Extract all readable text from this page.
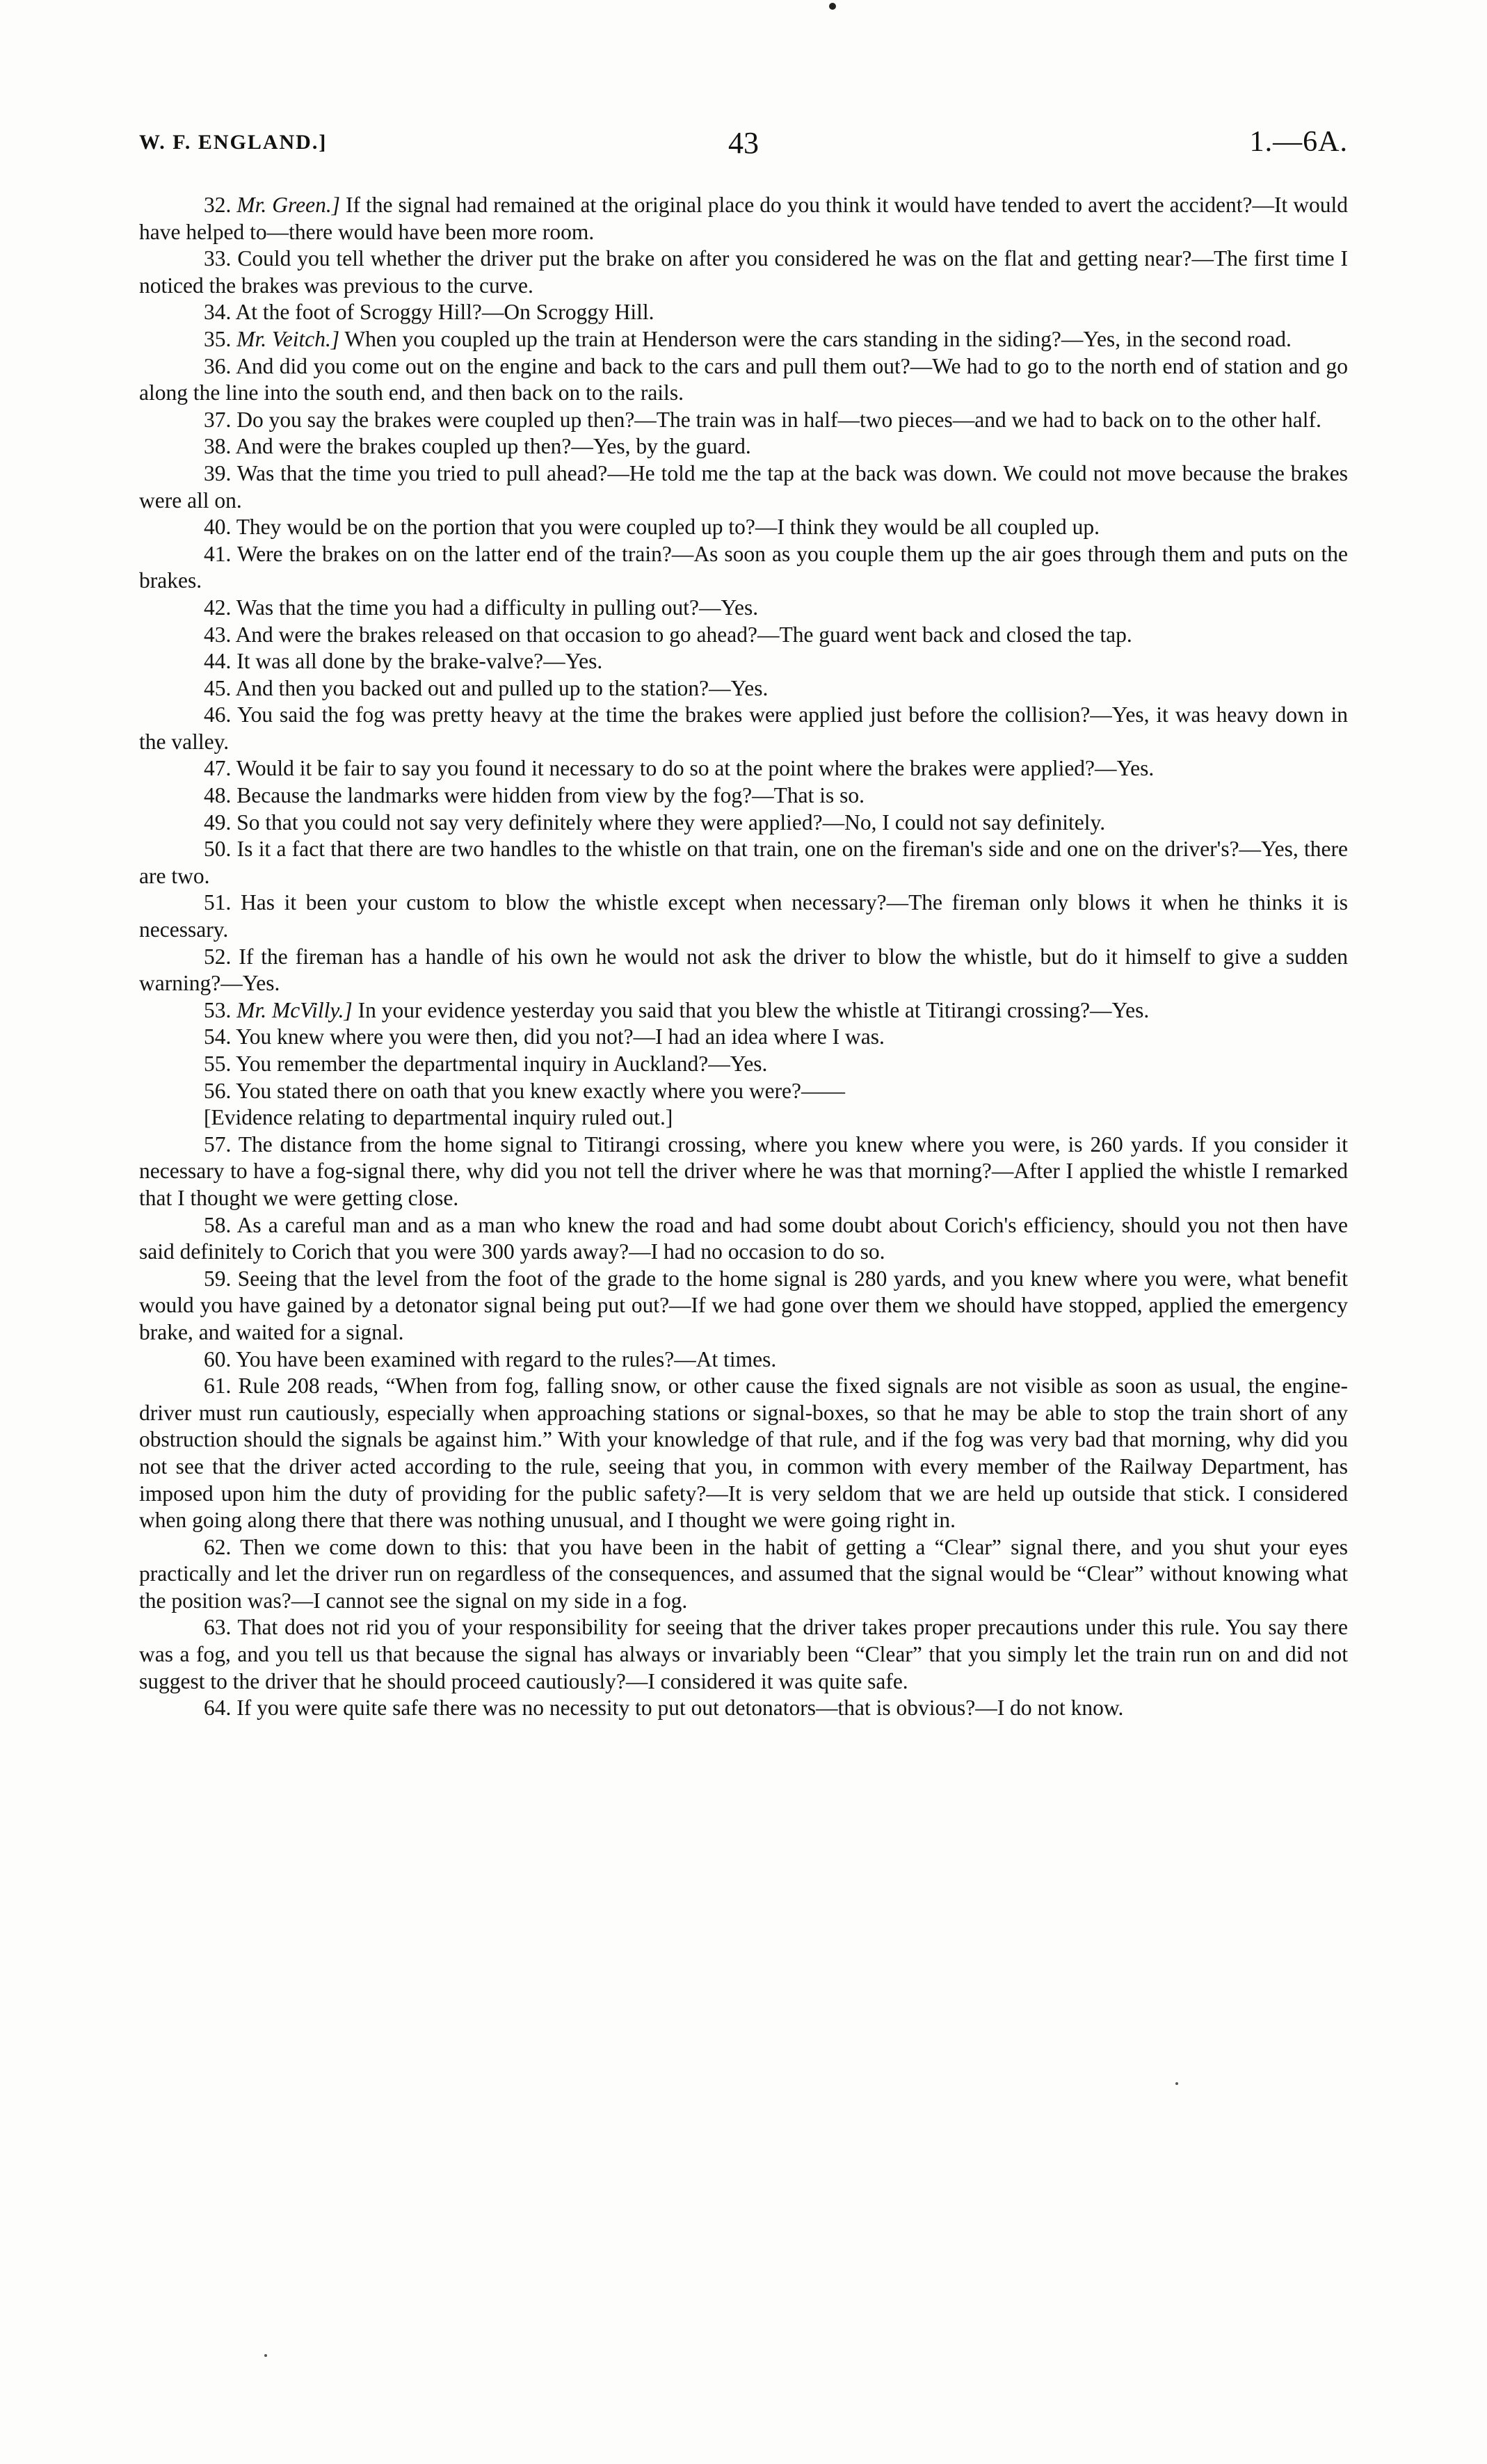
W. F. ENGLAND.]	43	1.—6A.

32. Mr. Green.] If the signal had remained at the original place do you think it would have tended to avert the accident?—It would have helped to—there would have been more room.

33. Could you tell whether the driver put the brake on after you considered he was on the flat and getting near?—The first time I noticed the brakes was previous to the curve.

34. At the foot of Scroggy Hill?—On Scroggy Hill.

35. Mr. Veitch.] When you coupled up the train at Henderson were the cars standing in the siding?—Yes, in the second road.

36. And did you come out on the engine and back to the cars and pull them out?—We had to go to the north end of station and go along the line into the south end, and then back on to the rails.

37. Do you say the brakes were coupled up then?—The train was in half—two pieces—and we had to back on to the other half.

38. And were the brakes coupled up then?—Yes, by the guard.

39. Was that the time you tried to pull ahead?—He told me the tap at the back was down. We could not move because the brakes were all on.

40. They would be on the portion that you were coupled up to?—I think they would be all coupled up.

41. Were the brakes on on the latter end of the train?—As soon as you couple them up the air goes through them and puts on the brakes.

42. Was that the time you had a difficulty in pulling out?—Yes.

43. And were the brakes released on that occasion to go ahead?—The guard went back and closed the tap.

44. It was all done by the brake-valve?—Yes.

45. And then you backed out and pulled up to the station?—Yes.

46. You said the fog was pretty heavy at the time the brakes were applied just before the collision?—Yes, it was heavy down in the valley.

47. Would it be fair to say you found it necessary to do so at the point where the brakes were applied?—Yes.

48. Because the landmarks were hidden from view by the fog?—That is so.

49. So that you could not say very definitely where they were applied?—No, I could not say definitely.

50. Is it a fact that there are two handles to the whistle on that train, one on the fireman's side and one on the driver's?—Yes, there are two.

51. Has it been your custom to blow the whistle except when necessary?—The fireman only blows it when he thinks it is necessary.

52. If the fireman has a handle of his own he would not ask the driver to blow the whistle, but do it himself to give a sudden warning?—Yes.

53. Mr. McVilly.] In your evidence yesterday you said that you blew the whistle at Titirangi crossing?—Yes.

54. You knew where you were then, did you not?—I had an idea where I was.

55. You remember the departmental inquiry in Auckland?—Yes.

56. You stated there on oath that you knew exactly where you were?——

[Evidence relating to departmental inquiry ruled out.]

57. The distance from the home signal to Titirangi crossing, where you knew where you were, is 260 yards. If you consider it necessary to have a fog-signal there, why did you not tell the driver where he was that morning?—After I applied the whistle I remarked that I thought we were getting close.

58. As a careful man and as a man who knew the road and had some doubt about Corich's efficiency, should you not then have said definitely to Corich that you were 300 yards away?—I had no occasion to do so.

59. Seeing that the level from the foot of the grade to the home signal is 280 yards, and you knew where you were, what benefit would you have gained by a detonator signal being put out?—If we had gone over them we should have stopped, applied the emergency brake, and waited for a signal.

60. You have been examined with regard to the rules?—At times.

61. Rule 208 reads, “When from fog, falling snow, or other cause the fixed signals are not visible as soon as usual, the engine-driver must run cautiously, especially when approaching stations or signal-boxes, so that he may be able to stop the train short of any obstruction should the signals be against him.” With your knowledge of that rule, and if the fog was very bad that morning, why did you not see that the driver acted according to the rule, seeing that you, in common with every member of the Railway Department, has imposed upon him the duty of providing for the public safety?—It is very seldom that we are held up outside that stick. I considered when going along there that there was nothing unusual, and I thought we were going right in.

62. Then we come down to this: that you have been in the habit of getting a “Clear” signal there, and you shut your eyes practically and let the driver run on regardless of the consequences, and assumed that the signal would be “Clear” without knowing what the position was?—I cannot see the signal on my side in a fog.

63. That does not rid you of your responsibility for seeing that the driver takes proper precautions under this rule. You say there was a fog, and you tell us that because the signal has always or invariably been “Clear” that you simply let the train run on and did not suggest to the driver that he should proceed cautiously?—I considered it was quite safe.

64. If you were quite safe there was no necessity to put out detonators—that is obvious?—I do not know.
